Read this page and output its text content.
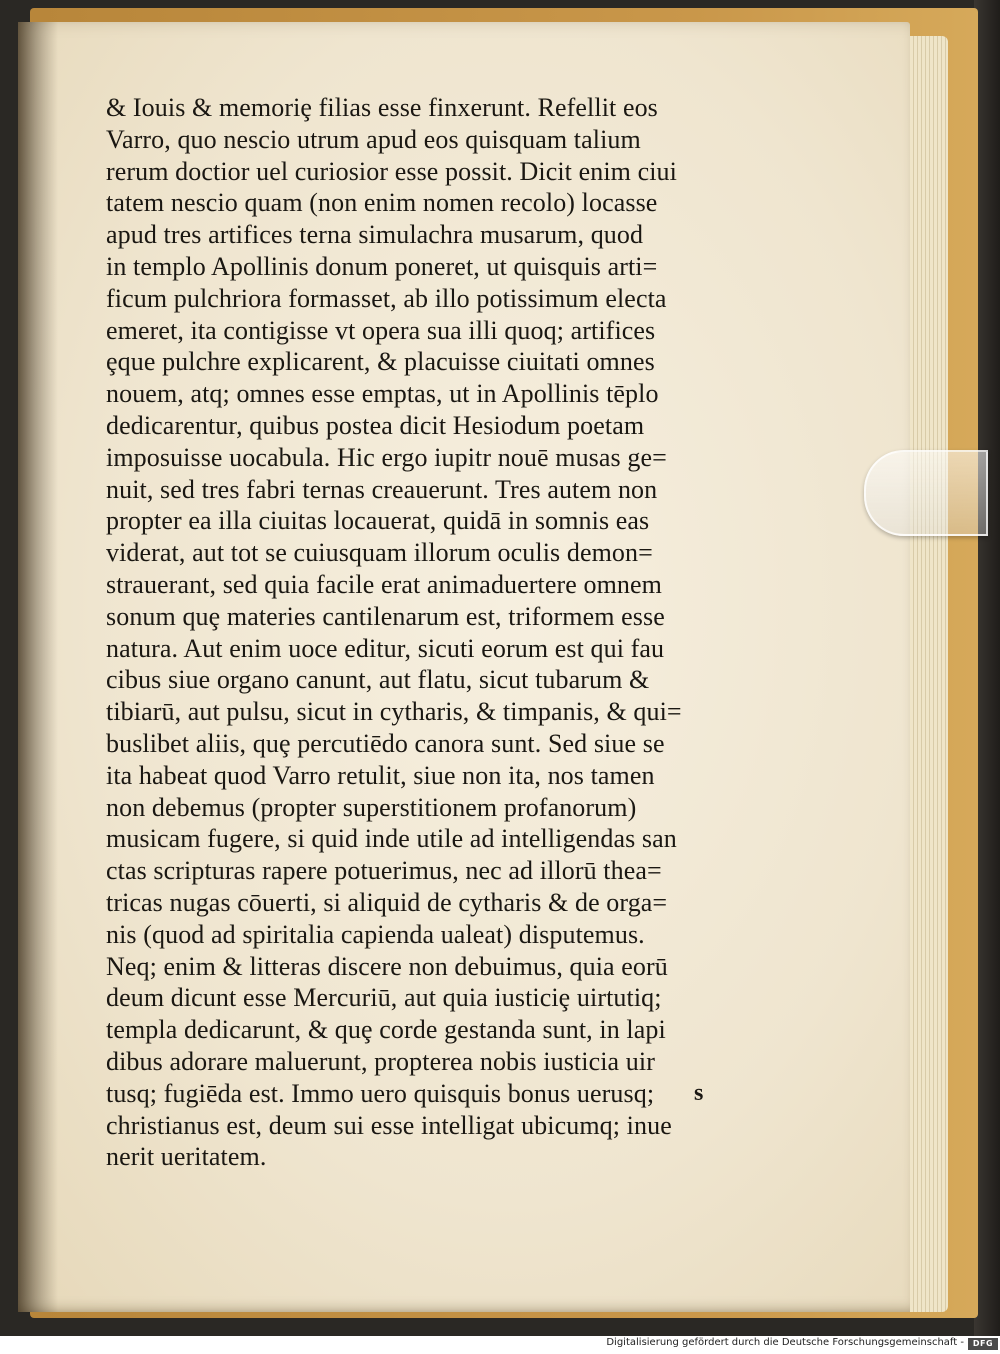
& Iouis & memoriȩ filias esse finxerunt. Refellit eos
Varro, quo nescio utrum apud eos quisquam talium
rerum doctior uel curiosior esse possit. Dicit enim ciui
tatem nescio quam (non enim nomen recolo) locasse
apud tres artifices terna simulachra musarum, quod
in templo Apollinis donum poneret, ut quisquis arti=
ficum pulchriora formasset, ab illo potissimum electa
emeret, ita contigisse vt opera sua illi quoq; artifices
ȩque pulchre explicarent, & placuisse ciuitati omnes
nouem, atq; omnes esse emptas, ut in Apollinis tēplo
dedicarentur, quibus postea dicit Hesiodum poetam
imposuisse uocabula. Hic ergo iupitr nouē musas ge=
nuit, sed tres fabri ternas creauerunt. Tres autem non
propter ea illa ciuitas locauerat, quidā in somnis eas
viderat, aut tot se cuiusquam illorum oculis demon=
strauerant, sed quia facile erat animaduertere omnem
sonum quȩ materies cantilenarum est, triformem esse
natura. Aut enim uoce editur, sicuti eorum est qui fau
cibus siue organo canunt, aut flatu, sicut tubarum &
tibiarū, aut pulsu, sicut in cytharis, & timpanis, & qui=
buslibet aliis, quȩ percutiēdo canora sunt. Sed siue se
ita habeat quod Varro retulit, siue non ita, nos tamen
non debemus (propter superstitionem profanorum)
musicam fugere, si quid inde utile ad intelligendas san
ctas scripturas rapere potuerimus, nec ad illorū thea=
tricas nugas cōuerti, si aliquid de cytharis & de orga=
nis (quod ad spiritalia capienda ualeat) disputemus.
Neq; enim & litteras discere non debuimus, quia eorū
deum dicunt esse Mercuriū, aut quia iusticiȩ uirtutiq;
templa dedicarunt, & quȩ corde gestanda sunt, in lapi
dibus adorare maluerunt, propterea nobis iusticia uir
tusq; fugiēda est. Immo uero quisquis bonus uerusq;
christianus est, deum sui esse intelligat ubicumq; inue
nerit ueritatem.
s
Digitalisierung gefördert durch die Deutsche Forschungsgemeinschaft -	DFG
